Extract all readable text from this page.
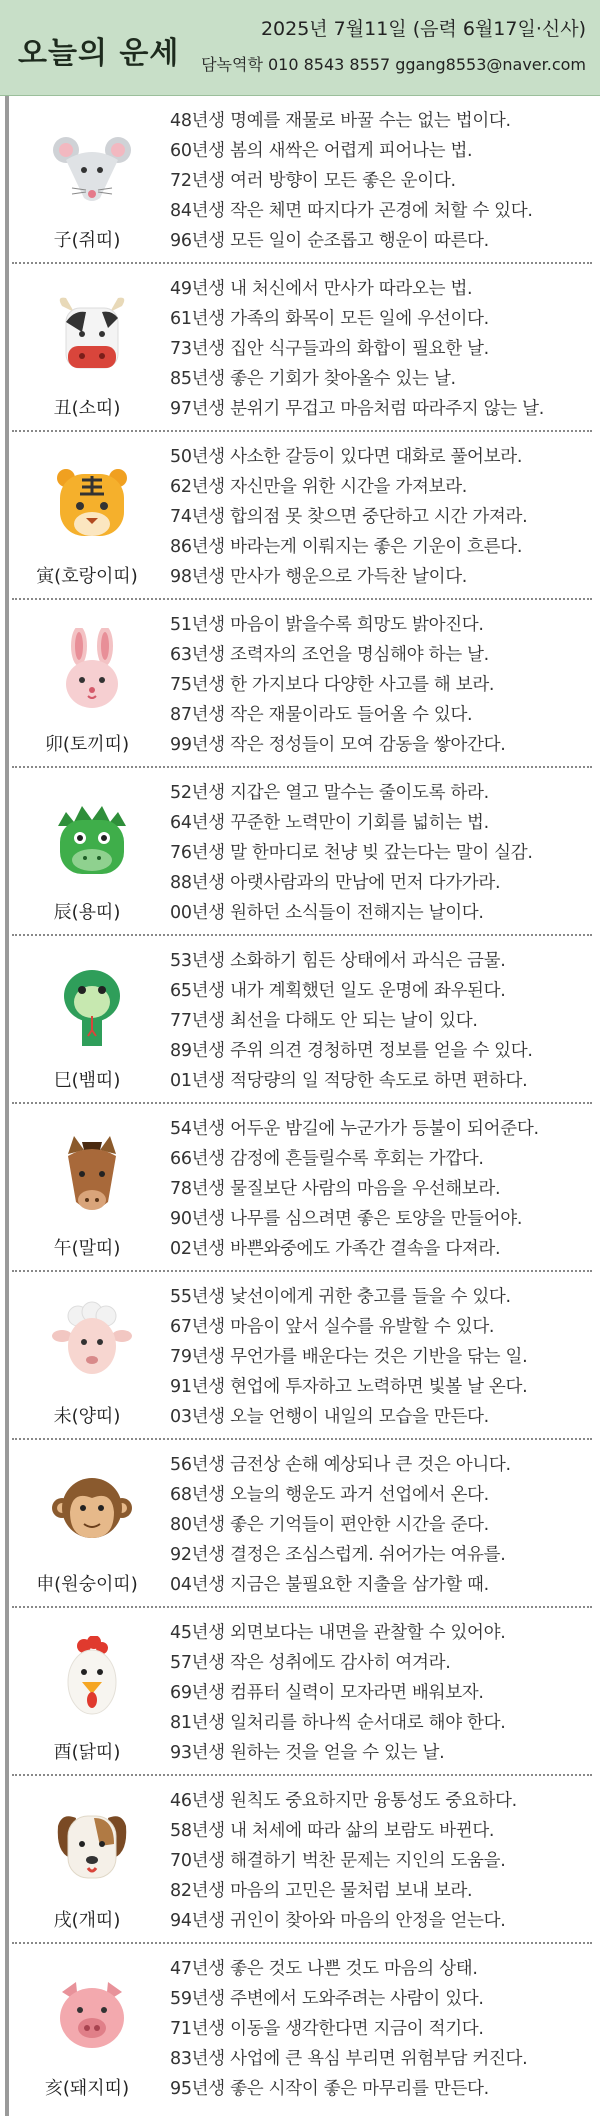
오늘의 운세
2025년 7월11일 (음력 6월17일·신사)
담녹역학 010 8543 8557 ggang8553@naver.com
子(쥐띠)
48년생 명예를 재물로 바꿀 수는 없는 법이다.
60년생 봄의 새싹은 어렵게 피어나는 법.
72년생 여러 방향이 모든 좋은 운이다.
84년생 작은 체면 따지다가 곤경에 처할 수 있다.
96년생 모든 일이 순조롭고 행운이 따른다.
丑(소띠)
49년생 내 처신에서 만사가 따라오는 법.
61년생 가족의 화목이 모든 일에 우선이다.
73년생 집안 식구들과의 화합이 필요한 날.
85년생 좋은 기회가 찾아올수 있는 날.
97년생 분위기 무겁고 마음처럼 따라주지 않는 날.
寅(호랑이띠)
50년생 사소한 갈등이 있다면 대화로 풀어보라.
62년생 자신만을 위한 시간을 가져보라.
74년생 합의점 못 찾으면 중단하고 시간 가져라.
86년생 바라는게 이뤄지는 좋은 기운이 흐른다.
98년생 만사가 행운으로 가득찬 날이다.
卯(토끼띠)
51년생 마음이 밝을수록 희망도 밝아진다.
63년생 조력자의 조언을 명심해야 하는 날.
75년생 한 가지보다 다양한 사고를 해 보라.
87년생 작은 재물이라도 들어올 수 있다.
99년생 작은 정성들이 모여 감동을 쌓아간다.
辰(용띠)
52년생 지갑은 열고 말수는 줄이도록 하라.
64년생 꾸준한 노력만이 기회를 넓히는 법.
76년생 말 한마디로 천냥 빚 갚는다는 말이 실감.
88년생 아랫사람과의 만남에 먼저 다가가라.
00년생 원하던 소식들이 전해지는 날이다.
巳(뱀띠)
53년생 소화하기 힘든 상태에서 과식은 금물.
65년생 내가 계획했던 일도 운명에 좌우된다.
77년생 최선을 다해도 안 되는 날이 있다.
89년생 주위 의견 경청하면 정보를 얻을 수 있다.
01년생 적당량의 일 적당한 속도로 하면 편하다.
午(말띠)
54년생 어두운 밤길에 누군가가 등불이 되어준다.
66년생 감정에 흔들릴수록 후회는 가깝다.
78년생 물질보단 사람의 마음을 우선해보라.
90년생 나무를 심으려면 좋은 토양을 만들어야.
02년생 바쁜와중에도 가족간 결속을 다져라.
未(양띠)
55년생 낯선이에게 귀한 충고를 들을 수 있다.
67년생 마음이 앞서 실수를 유발할 수 있다.
79년생 무언가를 배운다는 것은 기반을 닦는 일.
91년생 현업에 투자하고 노력하면 빛볼 날 온다.
03년생 오늘 언행이 내일의 모습을 만든다.
申(원숭이띠)
56년생 금전상 손해 예상되나 큰 것은 아니다.
68년생 오늘의 행운도 과거 선업에서 온다.
80년생 좋은 기억들이 편안한 시간을 준다.
92년생 결정은 조심스럽게. 쉬어가는 여유를.
04년생 지금은 불필요한 지출을 삼가할 때.
酉(닭띠)
45년생 외면보다는 내면을 관찰할 수 있어야.
57년생 작은 성취에도 감사히 여겨라.
69년생 컴퓨터 실력이 모자라면 배워보자.
81년생 일처리를 하나씩 순서대로 해야 한다.
93년생 원하는 것을 얻을 수 있는 날.
戌(개띠)
46년생 원칙도 중요하지만 융통성도 중요하다.
58년생 내 처세에 따라 삶의 보람도 바뀐다.
70년생 해결하기 벅찬 문제는 지인의 도움을.
82년생 마음의 고민은 물처럼 보내 보라.
94년생 귀인이 찾아와 마음의 안정을 얻는다.
亥(돼지띠)
47년생 좋은 것도 나쁜 것도 마음의 상태.
59년생 주변에서 도와주려는 사람이 있다.
71년생 이동을 생각한다면 지금이 적기다.
83년생 사업에 큰 욕심 부리면 위험부담 커진다.
95년생 좋은 시작이 좋은 마무리를 만든다.
